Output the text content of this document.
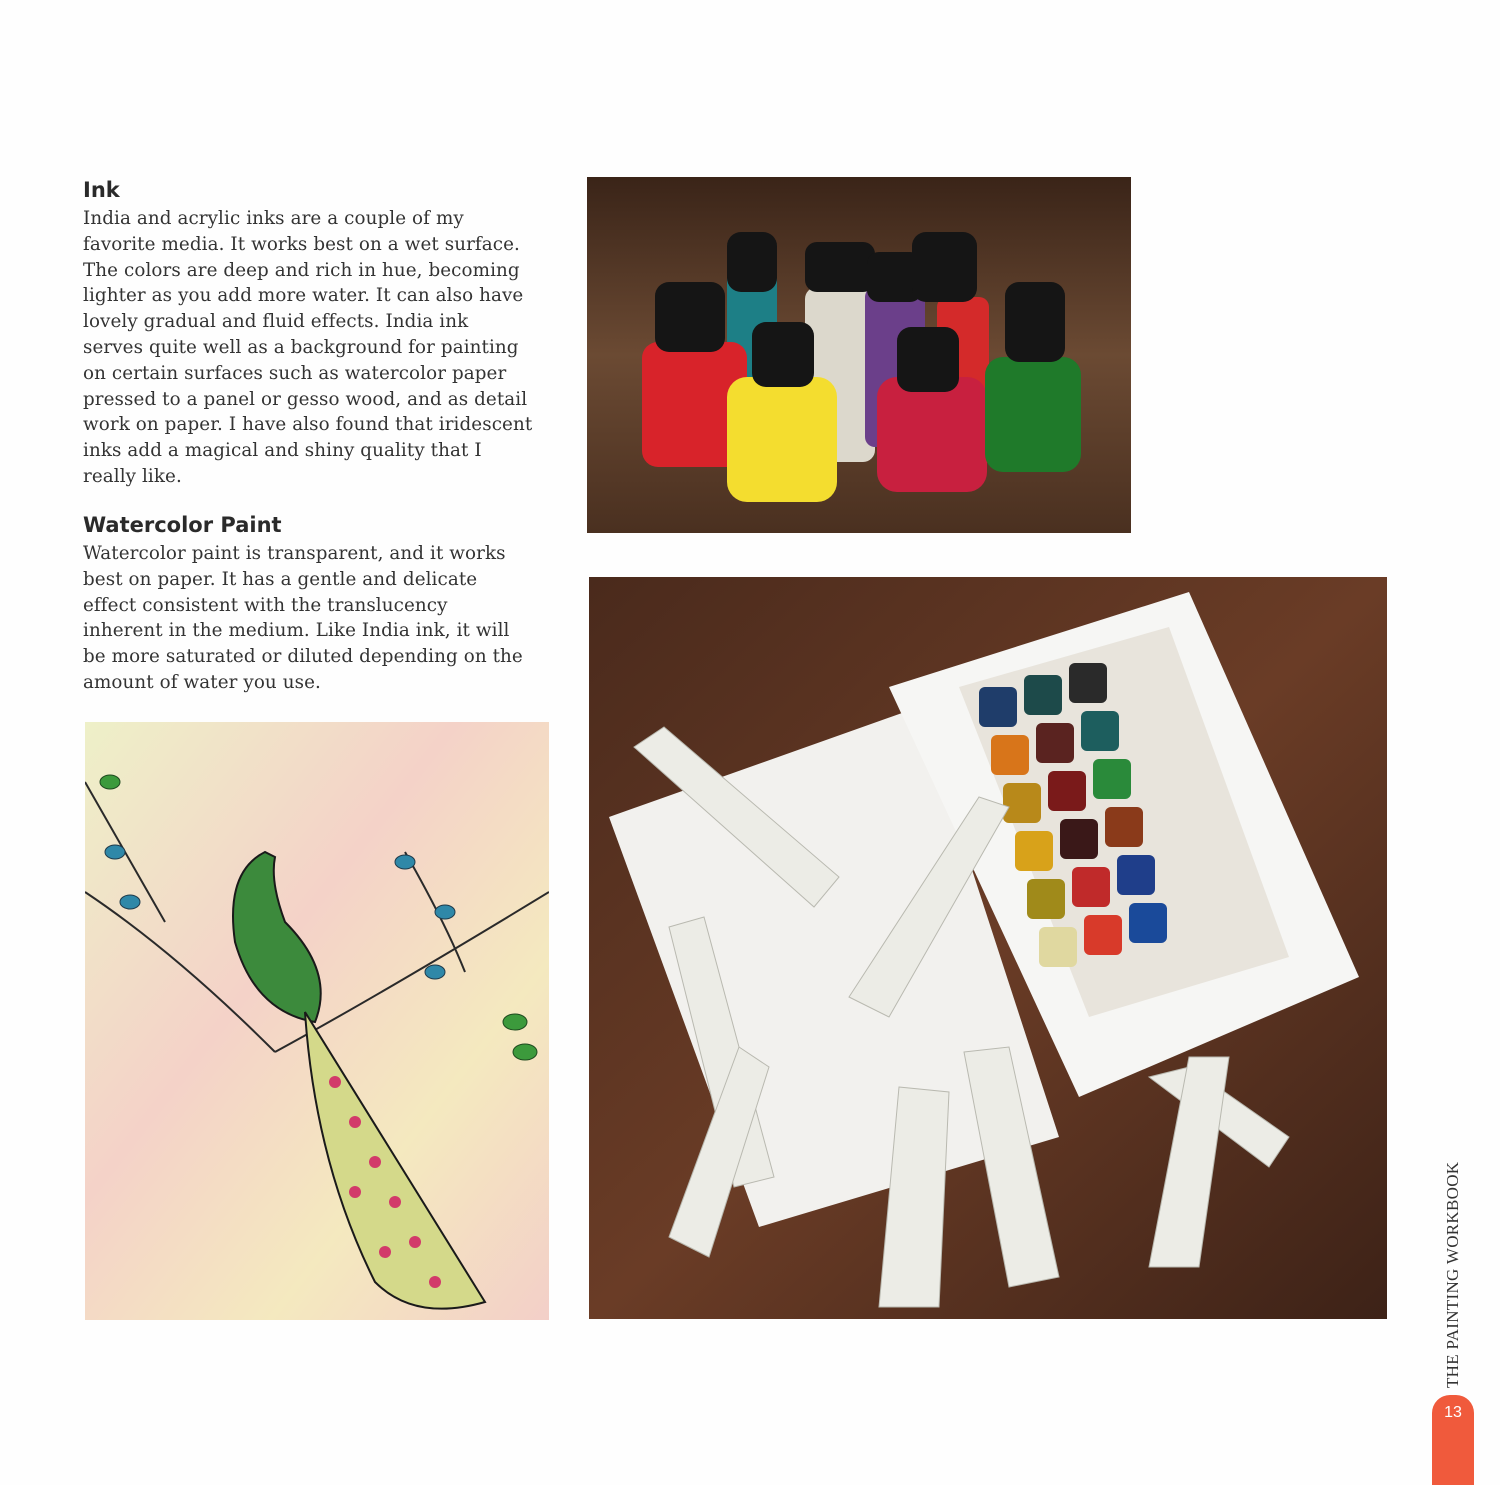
Ink
India and acrylic inks are a couple of my
favorite media. It works best on a wet surface.
The colors are deep and rich in hue, becoming
lighter as you add more water. It can also have
lovely gradual and fluid effects. India ink
serves quite well as a background for painting
on certain surfaces such as watercolor paper
pressed to a panel or gesso wood, and as detail
work on paper. I have also found that iridescent
inks add a magical and shiny quality that I
really like.
Watercolor Paint
Watercolor paint is transparent, and it works
best on paper. It has a gentle and delicate
effect consistent with the translucency
inherent in the medium. Like India ink, it will
be more saturated or diluted depending on the
amount of water you use.
THE PAINTING WORKBOOK
13
